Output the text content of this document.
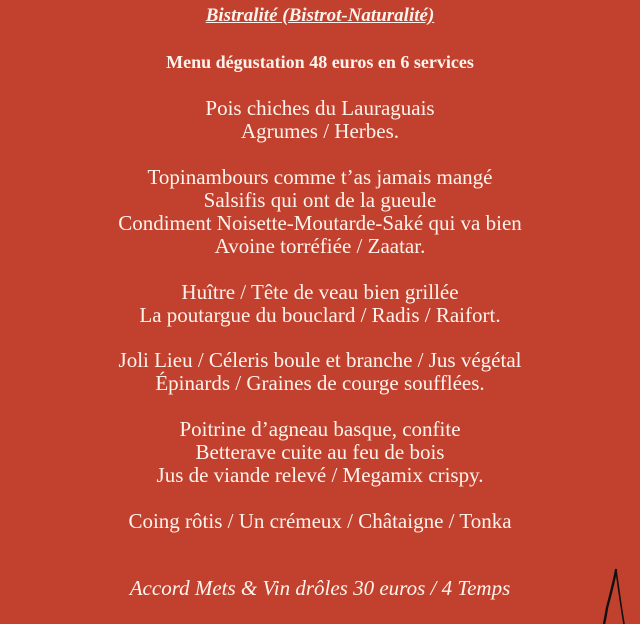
Bistralité (Bistrot-Naturalité)
Menu dégustation 48 euros en 6 services
Pois chiches du Lauraguais
Agrumes / Herbes.
Topinambours comme t’as jamais mangé
Salsifis qui ont de la gueule
Condiment Noisette-Moutarde-Saké qui va bien
Avoine torréfiée / Zaatar.
Huître / Tête de veau bien grillée
La poutargue du bouclard / Radis / Raifort.
Joli Lieu / Céleris boule et branche / Jus végétal
Épinards / Graines de courge soufflées.
Poitrine d’agneau basque, confite
Betterave cuite au feu de bois
Jus de viande relevé / Megamix crispy.
Coing rôtis / Un crémeux / Châtaigne / Tonka
Accord Mets & Vin drôles 30 euros / 4 Temps
